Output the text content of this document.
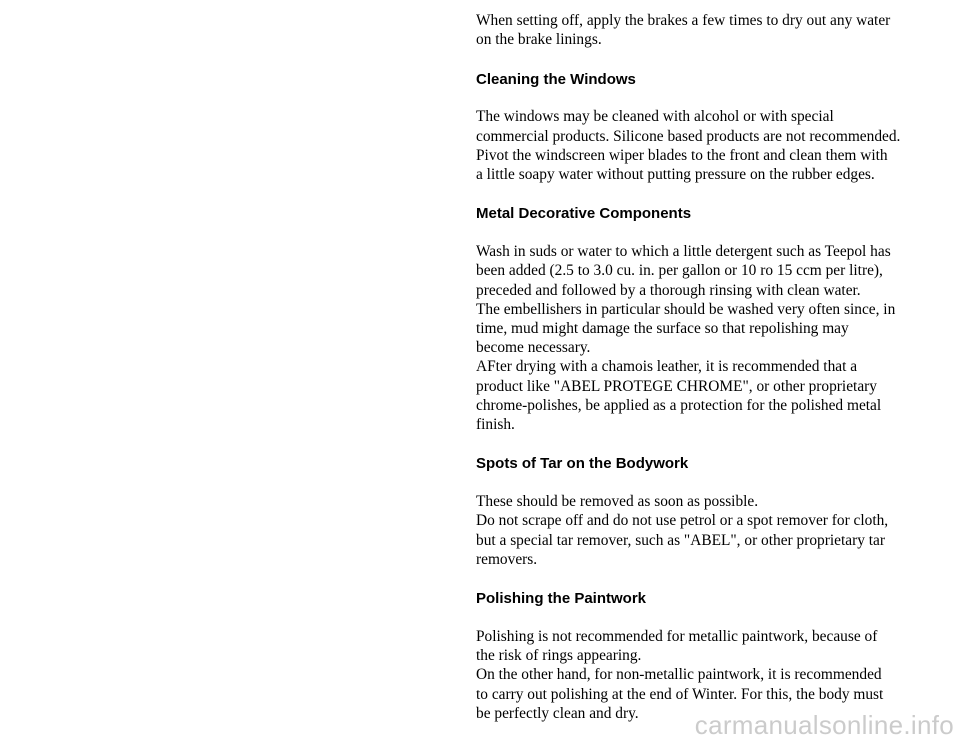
When setting off, apply the brakes a few times to dry out any water
on the brake linings.

Cleaning the Windows

The windows may be cleaned with alcohol or with special
commercial products. Silicone based products are not recommended.
Pivot the windscreen wiper blades to the front and clean them with
a little soapy water without putting pressure on the rubber edges.

Metal Decorative Components

Wash in suds or water to which a little detergent such as Teepol has
been added (2.5 to 3.0 cu. in. per gallon or 10 ro 15 ccm per litre),
preceded and followed by a thorough rinsing with clean water.
The embellishers in particular should be washed very often since, in
time, mud might damage the surface so that repolishing may
become necessary.
AFter drying with a chamois leather, it is recommended that a
product like "ABEL PROTEGE CHROME", or other proprietary
chrome-polishes, be applied as a protection for the polished metal
finish.

Spots of Tar on the Bodywork

These should be removed as soon as possible.
Do not scrape off and do not use petrol or a spot remover for cloth,
but a special tar remover, such as "ABEL", or other proprietary tar
removers.

Polishing the Paintwork

Polishing is not recommended for metallic paintwork, because of
the risk of rings appearing.
On the other hand, for non-metallic paintwork, it is recommended
to carry out polishing at the end of Winter. For this, the body must
be perfectly clean and dry.	carmanualsonline.info
